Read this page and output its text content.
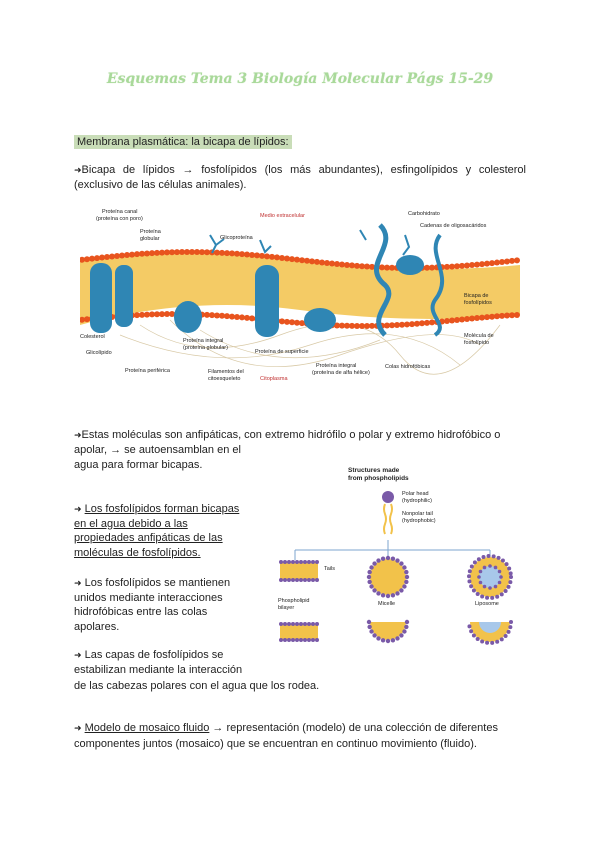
Esquemas Tema 3 Biología Molecular Págs 15-29
Membrana plasmática: la bicapa de lípidos:
➜Bicapa de lípidos → fosfolípidos (los más abundantes), esfingolípidos y colesterol (exclusivo de las células animales).
Proteína canal
(proteína con poro)
Proteína
globular	Glicoproteína
Medio extracelular	Carbohidrato
Cadenas de oligosacáridos
Bicapa de
fosfolípidos
Molécula de
fosfolípido
Colesterol
Glicolípido
Proteína integral
(proteína globular)
Proteína de superficie
Proteína periférica	Filamentos del
citoesqueleto	Citoplasma
Proteína integral
(proteína de alfa hélice)
Colas hidrofóbicas
➜Estas moléculas son anfipáticas, con extremo hidrófilo o polar y extremo hidrofóbico o
apolar, → se autoensamblan en el
agua para formar bicapas.
➜ Los fosfolípidos forman bicapas
en el agua debido a las
propiedades anfipáticas de las
moléculas de fosfolípidos.
➜ Los fosfolípidos se mantienen
unidos mediante interacciones
hidrofóbicas entre las colas
apolares.
➜ Las capas de fosfolípidos se
estabilizan mediante la interacción
de las cabezas polares con el agua que los rodea.
Structures made
from phospholipids
Polar head
(hydrophilic)
Nonpolar tail
(hydrophobic)
Tails
Phospholipid
bilayer
Micelle	Liposome
➜ Modelo de mosaico fluido → representación (modelo) de una colección de diferentes
componentes juntos (mosaico) que se encuentran en continuo movimiento (fluido).
